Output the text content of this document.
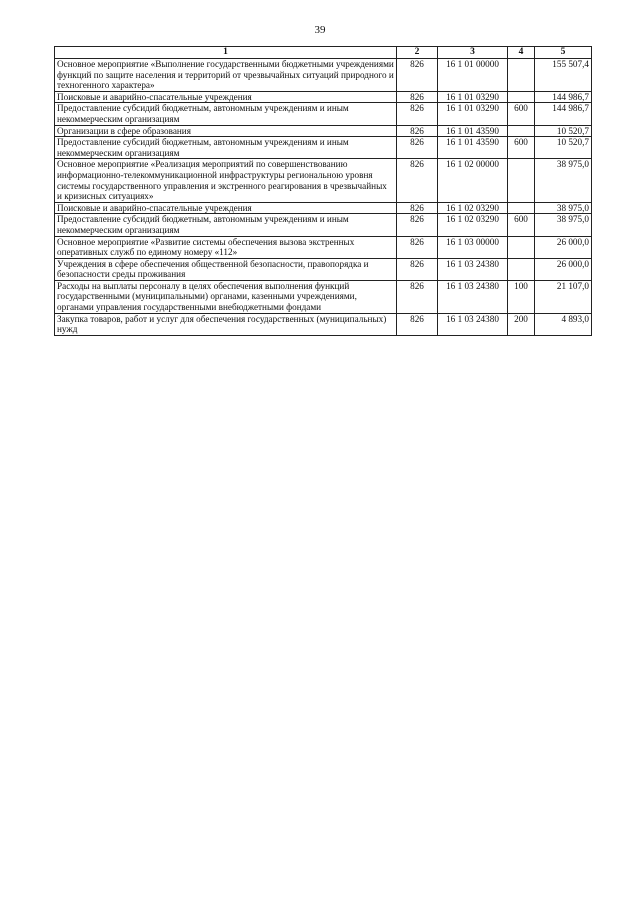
39
1	2	3	4	5
Основное мероприятие «Выполнение государственными бюджетными учреждениями функций по защите населения и территорий от чрезвычайных ситуаций природного и техногенного характера»	826	16 1 01 00000		155 507,4
Поисковые и аварийно-спасательные учреждения	826	16 1 01 03290		144 986,7
Предоставление субсидий бюджетным, автономным учреждениям и иным некоммерческим организациям	826	16 1 01 03290	600	144 986,7
Организации в сфере образования	826	16 1 01 43590		10 520,7
Предоставление субсидий бюджетным, автономным учреждениям и иным некоммерческим организациям	826	16 1 01 43590	600	10 520,7
Основное мероприятие «Реализация мероприятий по совершенствованию информационно-телекоммуникационной инфраструктуры региональною уровня системы государственного управления и экстренного реагирования в чрезвычайных и кризисных ситуациях»	826	16 1 02 00000		38 975,0
Поисковые и аварийно-спасательные учреждения	826	16 1 02 03290		38 975,0
Предоставление субсидий бюджетным, автономным учреждениям и иным некоммерческим организациям	826	16 1 02 03290	600	38 975,0
Основное мероприятие «Развитие системы обеспечения вызова экстренных оперативных служб по единому номеру «112»	826	16 1 03 00000		26 000,0
Учреждения в сфере обеспечения общественной безопасности, правопорядка и безопасности среды проживания	826	16 1 03 24380		26 000,0
Расходы на выплаты персоналу в целях обеспечения выполнения функций государственными (муниципальными) органами, казенными учреждениями, органами управления государственными внебюджетными фондами	826	16 1 03 24380	100	21 107,0
Закупка товаров, работ и услуг для обеспечения государственных (муниципальных) нужд	826	16 1 03 24380	200	4 893,0
